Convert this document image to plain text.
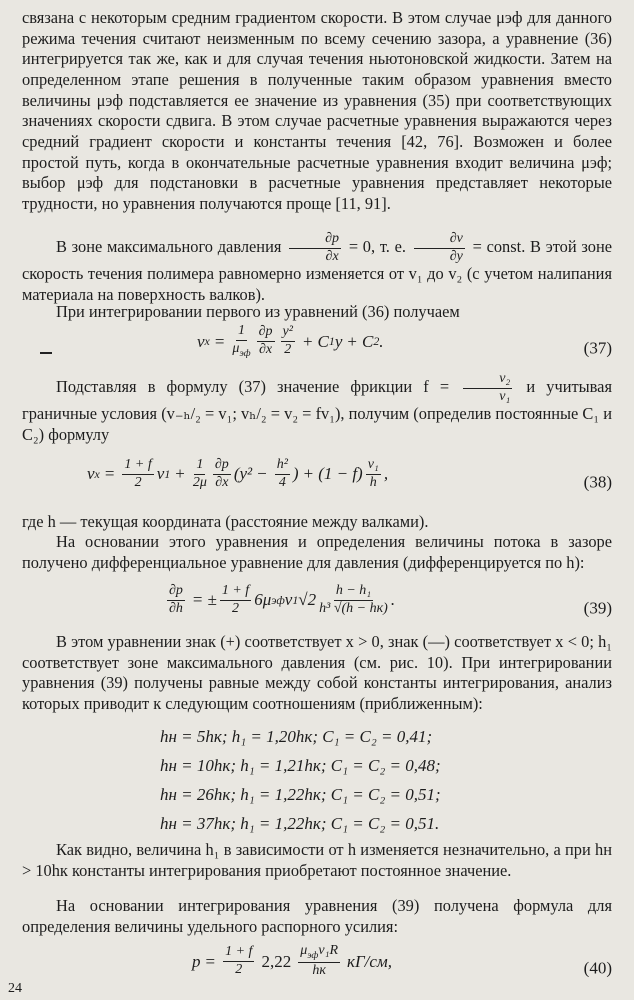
связана с некоторым средним градиентом скорости. В этом случае μэф для данного режима течения считают неизменным по всему сечению зазора, а уравнение (36) интегрируется так же, как и для случая течения ньютоновской жидкости. Затем на определенном этапе решения в полученные таким образом уравнения вместо величины μэф подставляется ее значение из уравнения (35) при соответствующих значениях скорости сдвига. В этом случае расчетные уравнения выражаются через средний градиент скорости и константы течения [42, 76]. Возможен и более простой путь, когда в окончательные расчетные уравнения входит величина μэф; выбор μэф для подстановки в расчетные уравнения представляет некоторые трудности, но уравнения получаются проще [11, 91].

В зоне максимального давления $\frac{\partial p}{\partial x} = 0$, т. е. $\frac{\partial v}{\partial y}$ = const. В этой зоне скорость течения полимера равномерно изменяется от v₁ до v₂ (с учетом налипания материала на поверхность валков).

При интегрировании первого из уравнений (36) получаем

v $x = \frac{1}{\mu_{эф}} \frac{\partial p}{\partial x} \frac{\text{y²}}{2} + C$ 1 y + C 2 .	(37)

Подставляя в формулу (37) значение фрикции $f = \frac{\text{v₂}}{\text{v₁}}$ и учитывая граничные условия (v₋ₕ/₂ = v₁; vₕ/₂ = v₂ = fv₁), получим (определив постоянные C₁ и C₂) формулу

v $x = \frac{1 + f}{2}$ v $1 + \frac{1}{2\mu} \frac{\partial p}{\partial x} (y^2 - \frac{\text{h²}}{4}$ ) + $(1 - f) \frac{\text{v₁}}{h}$ ,	(38)

где h — текущая координата (расстояние между валками).

На основании этого уравнения и определения величины потока в зазоре получено дифференциальное уравнение для давления (дифференцируется по h):

$\frac{\partial p}{\partial h}$ = ± $\frac{1 + f}{2} 6\mu$ эф v 1 $√2 \frac{\text{h − h₁}}{\text{h³ √(h − hк)}}$ .	(39)

В этом уравнении знак (+) соответствует x > 0, знак (—) соответствует x < 0; h₁ соответствует зоне максимального давления (см. рис. 10). При интегрировании уравнения (39) получены равные между собой константы интегрирования, анализ которых приводит к следующим соотношениям (приближенным):

hн = 5hк; h₁ = 1,20hк; C₁ = C₂ = 0,41;
hн = 10hк; h₁ = 1,21hк; C₁ = C₂ = 0,48;
hн = 26hк; h₁ = 1,22hк; C₁ = C₂ = 0,51;
hн = 37hк; h₁ = 1,22hк; C₁ = C₂ = 0,51.

Как видно, величина h₁ в зависимости от h изменяется незначительно, а при hн > 10hк константы интегрирования приобретают постоянное значение.

На основании интегрирования уравнения (39) получена формула для определения величины удельного распорного усилия:

$p = \frac{1 + f}{2} 2,22 \frac{\mu_{эф}v_1R}{hк} кГ/см$,	(40)
24
